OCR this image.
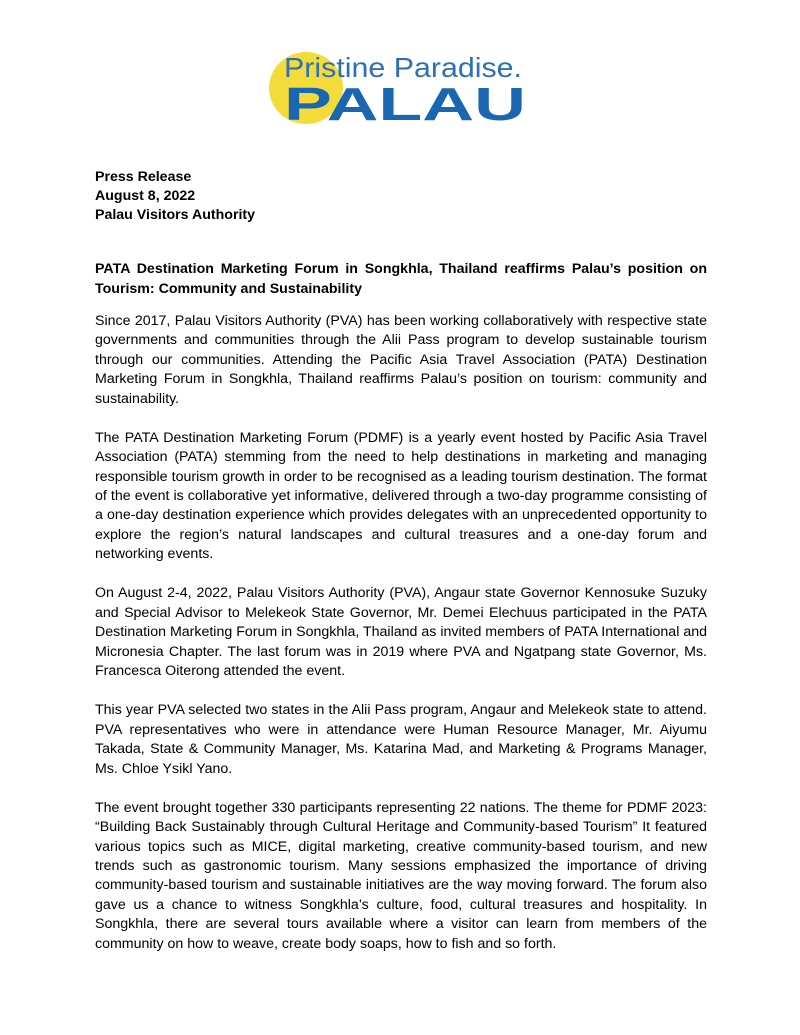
Pristine Paradise.
PALAU
Press Release
August 8, 2022
Palau Visitors Authority
PATA Destination Marketing Forum in Songkhla, Thailand reaffirms Palau’s position on Tourism: Community and Sustainability

Since 2017, Palau Visitors Authority (PVA) has been working collaboratively with respective state governments and communities through the Alii Pass program to develop sustainable tourism through our communities. Attending the Pacific Asia Travel Association (PATA) Destination Marketing Forum in Songkhla, Thailand reaffirms Palau’s position on tourism: community and sustainability.

The PATA Destination Marketing Forum (PDMF) is a yearly event hosted by Pacific Asia Travel Association (PATA) stemming from the need to help destinations in marketing and managing responsible tourism growth in order to be recognised as a leading tourism destination. The format of the event is collaborative yet informative, delivered through a two-day programme consisting of a one-day destination experience which provides delegates with an unprecedented opportunity to explore the region’s natural landscapes and cultural treasures and a one-day forum and networking events.

On August 2-4, 2022, Palau Visitors Authority (PVA), Angaur state Governor Kennosuke Suzuky and Special Advisor to Melekeok State Governor, Mr. Demei Elechuus participated in the PATA Destination Marketing Forum in Songkhla, Thailand as invited members of PATA International and Micronesia Chapter. The last forum was in 2019 where PVA and Ngatpang state Governor, Ms. Francesca Oiterong attended the event.

This year PVA selected two states in the Alii Pass program, Angaur and Melekeok state to attend. PVA representatives who were in attendance were Human Resource Manager, Mr. Aiyumu Takada, State & Community Manager, Ms. Katarina Mad, and Marketing & Programs Manager, Ms. Chloe Ysikl Yano.

The event brought together 330 participants representing 22 nations. The theme for PDMF 2023: “Building Back Sustainably through Cultural Heritage and Community-based Tourism” It featured various topics such as MICE, digital marketing, creative community-based tourism, and new trends such as gastronomic tourism. Many sessions emphasized the importance of driving community-based tourism and sustainable initiatives are the way moving forward. The forum also gave us a chance to witness Songkhla’s culture, food, cultural treasures and hospitality. In Songkhla, there are several tours available where a visitor can learn from members of the community on how to weave, create body soaps, how to fish and so forth.
